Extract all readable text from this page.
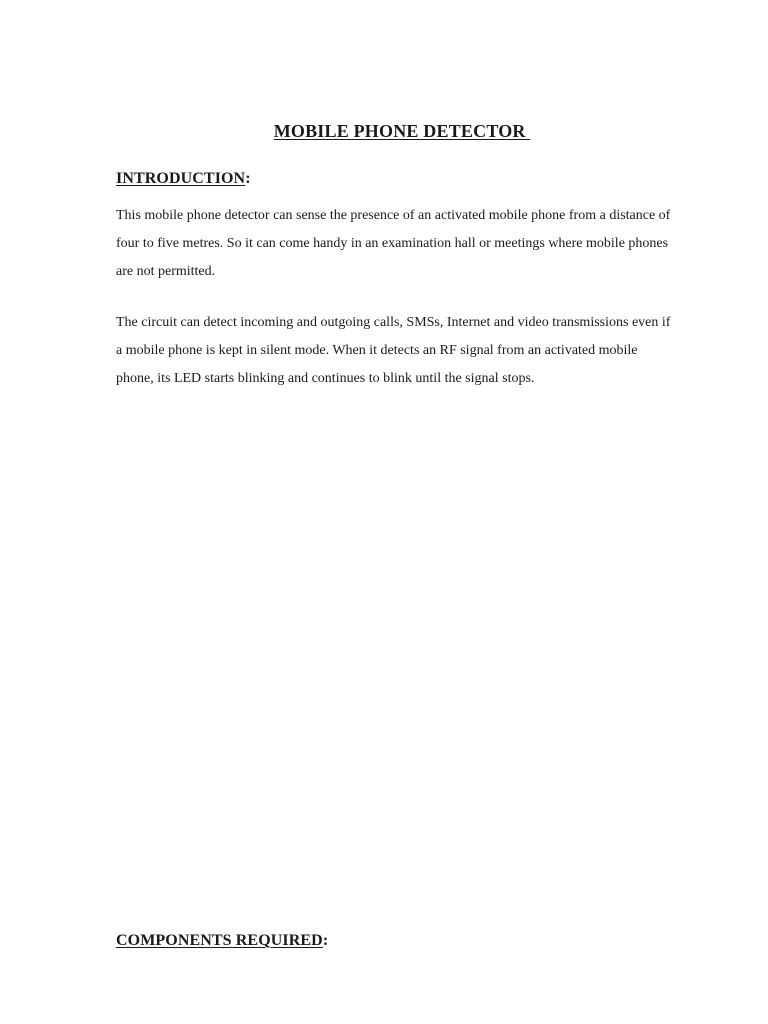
MOBILE PHONE DETECTOR
INTRODUCTION:

This mobile phone detector can sense the presence of an activated mobile phone from a distance of four to five metres. So it can come handy in an examination hall or meetings where mobile phones are not permitted.

The circuit can detect incoming and outgoing calls, SMSs, Internet and video transmissions even if a mobile phone is kept in silent mode. When it detects an RF signal from an activated mobile phone, its LED starts blinking and continues to blink until the signal stops.

COMPONENTS REQUIRED:
